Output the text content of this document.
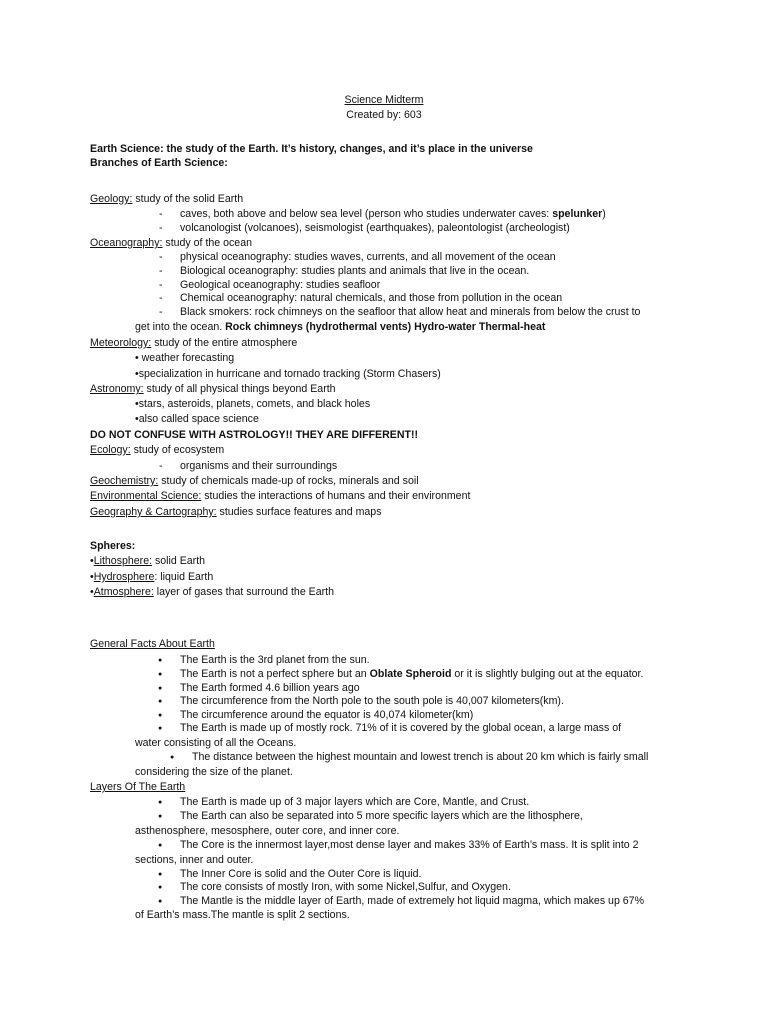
Science Midterm
Created by: 603
Earth Science: the study of the Earth. It’s history, changes, and it’s place in the universe
Branches of Earth Science:
Geology: study of the solid Earth
- caves, both above and below sea level (person who studies underwater caves: spelunker)
- volcanologist (volcanoes), seismologist (earthquakes), paleontologist (archeologist)
Oceanography: study of the ocean
- physical oceanography: studies waves, currents, and all movement of the ocean
- Biological oceanography: studies plants and animals that live in the ocean.
- Geological oceanography: studies seafloor
- Chemical oceanography: natural chemicals, and those from pollution in the ocean
- Black smokers: rock chimneys on the seafloor that allow heat and minerals from below the crust to
get into the ocean. Rock chimneys (hydrothermal vents) Hydro-water Thermal-heat
Meteorology: study of the entire atmosphere
• weather forecasting
•specialization in hurricane and tornado tracking (Storm Chasers)
Astronomy: study of all physical things beyond Earth
•stars, asteroids, planets, comets, and black holes
•also called space science
DO NOT CONFUSE WITH ASTROLOGY!! THEY ARE DIFFERENT!!
Ecology: study of ecosystem
- organisms and their surroundings
Geochemistry: study of chemicals made-up of rocks, minerals and soil
Environmental Science: studies the interactions of humans and their environment
Geography & Cartography: studies surface features and maps
Spheres:
•Lithosphere: solid Earth
•Hydrosphere: liquid Earth
•Atmosphere: layer of gases that surround the Earth
General Facts About Earth
● The Earth is the 3rd planet from the sun.
● The Earth is not a perfect sphere but an Oblate Spheroid or it is slightly bulging out at the equator.
● The Earth formed 4.6 billion years ago
● The circumference from the North pole to the south pole is 40,007 kilometers(km).
● The circumference around the equator is 40,074 kilometer(km)
● The Earth is made up of mostly rock. 71% of it is covered by the global ocean, a large mass of
water consisting of all the Oceans.
● The distance between the highest mountain and lowest trench is about 20 km which is fairly small
considering the size of the planet.
Layers Of The Earth
● The Earth is made up of 3 major layers which are Core, Mantle, and Crust.
● The Earth can also be separated into 5 more specific layers which are the lithosphere,
asthenosphere, mesosphere, outer core, and inner core.
● The Core is the innermost layer,most dense layer and makes 33% of Earth’s mass. It is split into 2
sections, inner and outer.
● The Inner Core is solid and the Outer Core is liquid.
● The core consists of mostly Iron, with some Nickel,Sulfur, and Oxygen.
● The Mantle is the middle layer of Earth, made of extremely hot liquid magma, which makes up 67%
of Earth’s mass.The mantle is split 2 sections.
